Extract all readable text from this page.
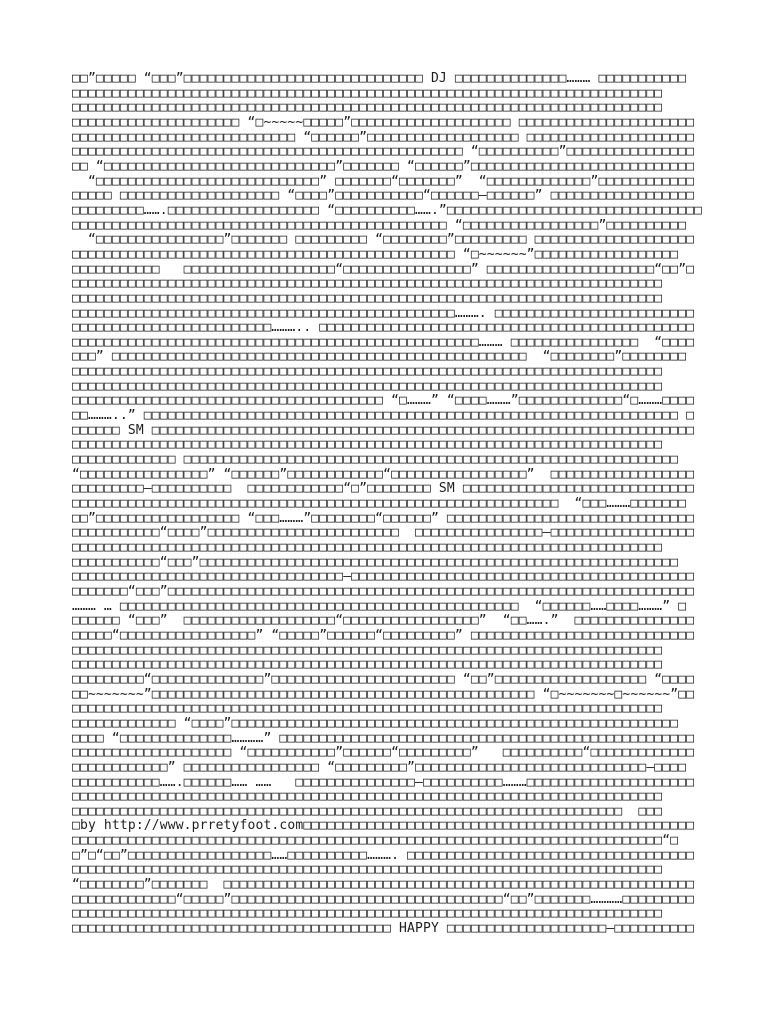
□□”□□□□□ “□□□”□□□□□□□□□□□□□□□□□□□□□□□□□□□□□□ DJ □□□□□□□□□□□□□□……… □□□□□□□□□□□
□□□□□□□□□□□□□□□□□□□□□□□□□□□□□□□□□□□□□□□□□□□□□□□□□□□□□□□□□□□□□□□□□□□□□□□□□□
□□□□□□□□□□□□□□□□□□□□□□□□□□□□□□□□□□□□□□□□□□□□□□□□□□□□□□□□□□□□□□□□□□□□□□□□□□
□□□□□□□□□□□□□□□□□□□□□ “□~~~~~□□□□□”□□□□□□□□□□□□□□□□□□□□ □□□□□□□□□□□□□□□□□□□□□□
□□□□□□□□□□□□□□□□□□□□□□□□□□□□ “□□□□□□”□□□□□□□□□□□□□□□□□□□ □□□□□□□□□□□□□□□□□□□□□
□□□□□□□□□□□□□□□□□□□□□□□□□□□□□□□□□□□□□□□□□□□□□□□□□ “□□□□□□□□□□”□□□□□□□□□□□□□□□□
□□ “□□□□□□□□□□□□□□□□□□□□□□□□□□□□□”□□□□□□□ “□□□□□□”□□□□□□□□□□□□□□□□□□□□□□□□□□□□
“□□□□□□□□□□□□□□□□□□□□□□□□□□□□” □□□□□□□“□□□□□□□”  “□□□□□□□□□□□□□”□□□□□□□□□□□□
□□□□□ □□□□□□□□□□□□□□□□□□□□ “□□□□”□□□□□□□□□□□“□□□□□□—□□□□□□” □□□□□□□□□□□□□□□□□□
□□□□□□□□□…….□□□□□□□□□□□□□□□□□□□ “□□□□□□□□□□…….”□□□□□□□□□□□□□□□□□□□□□□□□□□□□□□□□
□□□□□□□□□□□□□□□□□□□□□□□□□□□□□□□□□□□□□□□□□□□□□□□ “□□□□□□□□□□□□□□□□□”□□□□□□□□□□
“□□□□□□□□□□□□□□□□”□□□□□□□ □□□□□□□□□ “□□□□□□□□”□□□□□□□□□ □□□□□□□□□□□□□□□□□□□□
□□□□□□□□□□□□□□□□□□□□□□□□□□□□□□□□□□□□□□□□□□□□□□□□ “□~~~~~~”□□□□□□□□□□□□□□□□□□
□□□□□□□□□□□   □□□□□□□□□□□□□□□□□□□“□□□□□□□□□□□□□□□□” □□□□□□□□□□□□□□□□□□□□□“□□”□
□□□□□□□□□□□□□□□□□□□□□□□□□□□□□□□□□□□□□□□□□□□□□□□□□□□□□□□□□□□□□□□□□□□□□□□□□□
□□□□□□□□□□□□□□□□□□□□□□□□□□□□□□□□□□□□□□□□□□□□□□□□□□□□□□□□□□□□□□□□□□□□□□□□□□
□□□□□□□□□□□□□□□□□□□□□□□□□□□□□□□□□□□□□□□□□□□□□□□□………. □□□□□□□□□□□□□□□□□□□□□□□□□
□□□□□□□□□□□□□□□□□□□□□□□□□……….. □□□□□□□□□□□□□□□□□□□□□□□□□□□□□□□□□□□□□□□□□□□□□□□
□□□□□□□□□□□□□□□□□□□□□□□□□□□□□□□□□□□□□□□□□□□□□□□□□□□……… □□□□□□□□□□□□□□□□  “□□□□
□□□” □□□□□□□□□□□□□□□□□□□□□□□□□□□□□□□□□□□□□□□□□□□□□□□□□□□□  “□□□□□□□□”□□□□□□□□
□□□□□□□□□□□□□□□□□□□□□□□□□□□□□□□□□□□□□□□□□□□□□□□□□□□□□□□□□□□□□□□□□□□□□□□□□□
□□□□□□□□□□□□□□□□□□□□□□□□□□□□□□□□□□□□□□□□□□□□□□□□□□□□□□□□□□□□□□□□□□□□□□□□□□
□□□□□□□□□□□□□□□□□□□□□□□□□□□□□□□□□□□□□□□ “□………” “□□□□………”□□□□□□□□□□□□□“□………□□□□
□□………..” □□□□□□□□□□□□□□□□□□□□□□□□□□□□□□□□□□□□□□□□□□□□□□□□□□□□□□□□□□□□□□□□□□□ □
□□□□□□ SM □□□□□□□□□□□□□□□□□□□□□□□□□□□□□□□□□□□□□□□□□□□□□□□□□□□□□□□□□□□□□□□□□□□□
□□□□□□□□□□□□□□□□□□□□□□□□□□□□□□□□□□□□□□□□□□□□□□□□□□□□□□□□□□□□□□□□□□□□□□□□□□
□□□□□□□□□□□□□ □□□□□□□□□□□□□□□□□□□□□□□□□□□□□□□□□□□□□□□□□□□□□□□□□□□□□□□□□□□□□□
“□□□□□□□□□□□□□□□□” “□□□□□□”□□□□□□□□□□□□“□□□□□□□□□□□□□□□□□”  □□□□□□□□□□□□□□□□□□
□□□□□□□□□—□□□□□□□□□□  □□□□□□□□□□□□“□”□□□□□□□□ SM □□□□□□□□□□□□□□□□□□□□□□□□□□□□□
□□□□□□□□□□□□□□□□□□□□□□□□□□□□□□□□□□□□□□□□□□□□□□□□□□□□□□□□□□□□□  “□□□………□□□□□□□
□□”□□□□□□□□□□□□□□□□□□ “□□□………”□□□□□□□□“□□□□□□” □□□□□□□□□□□□□□□□□□□□□□□□□□□□□□□
□□□□□□□□□□□“□□□□”□□□□□□□□□□□□□□□□□□□□□□□□  □□□□□□□□□□□□□□□□—□□□□□□□□□□□□□□□□□□
□□□□□□□□□□□□□□□□□□□□□□□□□□□□□□□□□□□□□□□□□□□□□□□□□□□□□□□□□□□□□□□□□□□□□□□□□□
□□□□□□□□□□□“□□□”□□□□□□□□□□□□□□□□□□□□□□□□□□□□□□□□□□□□□□□□□□□□□□□□□□□□□□□□□□□□
□□□□□□□□□□□□□□□□□□□□□□□□□□□□□□□□□□—□□□□□□□□□□□□□□□□□□□□□□□□□□□□□□□□□□□□□□□□□□□
□□□□□□□“□□□”□□□□□□□□□□□□□□□□□□□□□□□□□□□□□□□□□□□□□□□□□□□□□□□□□□□□□□□□□□□□□□□□□□
……… … □□□□□□□□□□□□□□□□□□□□□□□□□□□□□□□□□□□□□□□□□□□□□□□□□□  “□□□□□□……□□□□………” □
□□□□□□ “□□□”  □□□□□□□□□□□□□□□□□□□“□□□□□□□□□□□□□□□□□”  “□□…….”  □□□□□□□□□□□□□□□
□□□□□“□□□□□□□□□□□□□□□□□” “□□□□□”□□□□□□“□□□□□□□□□” □□□□□□□□□□□□□□□□□□□□□□□□□□□□
□□□□□□□□□□□□□□□□□□□□□□□□□□□□□□□□□□□□□□□□□□□□□□□□□□□□□□□□□□□□□□□□□□□□□□□□□□
□□□□□□□□□□□□□□□□□□□□□□□□□□□□□□□□□□□□□□□□□□□□□□□□□□□□□□□□□□□□□□□□□□□□□□□□□□
□□□□□□□□□“□□□□□□□□□□□□□□”□□□□□□□□□□□□□□□□□□□□□□□ “□□”□□□□□□□□□□□□□□□□□□□ “□□□□
□□~~~~~~~”□□□□□□□□□□□□□□□□□□□□□□□□□□□□□□□□□□□□□□□□□□□□□□□□ “□~~~~~~~□~~~~~~”□□
□□□□□□□□□□□□□□□□□□□□□□□□□□□□□□□□□□□□□□□□□□□□□□□□□□□□□□□□□□□□□□□□□□□□□□□□□□
□□□□□□□□□□□□□ “□□□□”□□□□□□□□□□□□□□□□□□□□□□□□□□□□□□□□□□□□□□□□□□□□□□□□□□□□□□□□
□□□□ “□□□□□□□□□□□□□□…………” □□□□□□□□□□□□□□□□□□□□□□□□□□□□□□□□□□□□□□□□□□□□□□□□□□□□
□□□□□□□□□□□□□□□□□□□□ “□□□□□□□□□□□”□□□□□□“□□□□□□□□□”   □□□□□□□□□□“□□□□□□□□□□□□□
□□□□□□□□□□□□” □□□□□□□□□□□□□□□□□ “□□□□□□□□□”□□□□□□□□□□□□□□□□□□□□□□□□□□□□□—□□□□
□□□□□□□□□□□…….□□□□□□…… ……   □□□□□□□□□□□□□□□—□□□□□□□□□□………□□□□□□□□□□□□□□□□□□□□□
□□□□□□□□□□□□□□□□□□□□□□□□□□□□□□□□□□□□□□□□□□□□□□□□□□□□□□□□□□□□□□□□□□□□□□□□□□
□□□□□□□□□□□□□□□□□□□□□□□□□□□□□□□□□□□□□□□□□□□□□□□□□□□□□□□□□□□□□□□□□□□□□  □□□
□by http://www.prretyfoot.com□□□□□□□□□□□□□□□□□□□□□□□□□□□□□□□□□□□□□□□□□□□□□□□□□
□□□□□□□□□□□□□□□□□□□□□□□□□□□□□□□□□□□□□□□□□□□□□□□□□□□□□□□□□□□□□□□□□□□□□□□□□□“□
□”□“□□”□□□□□□□□□□□□□□□□□□……□□□□□□□□□□………. □□□□□□□□□□□□□□□□□□□□□□□□□□□□□□□□□□□□
□□□□□□□□□□□□□□□□□□□□□□□□□□□□□□□□□□□□□□□□□□□□□□□□□□□□□□□□□□□□□□□□□□□□□□□□□□
“□□□□□□□□”□□□□□□□  □□□□□□□□□□□□□□□□□□□□□□□□□□□□□□□□□□□□□□□□□□□□□□□□□□□□□□□□□□□
□□□□□□□□□□□□□“□□□□□”□□□□□□□□□□□□□□□□□□□□□□□□□□□□□□□□□□“□□”□□□□□□□…………□□□□□□□□□
□□□□□□□□□□□□□□□□□□□□□□□□□□□□□□□□□□□□□□□□□□□□□□□□□□□□□□□□□□□□□□□□□□□□□□□□□□
□□□□□□□□□□□□□□□□□□□□□□□□□□□□□□□□□□□□□□□□ HAPPY □□□□□□□□□□□□□□□□□□□□—□□□□□□□□□□
